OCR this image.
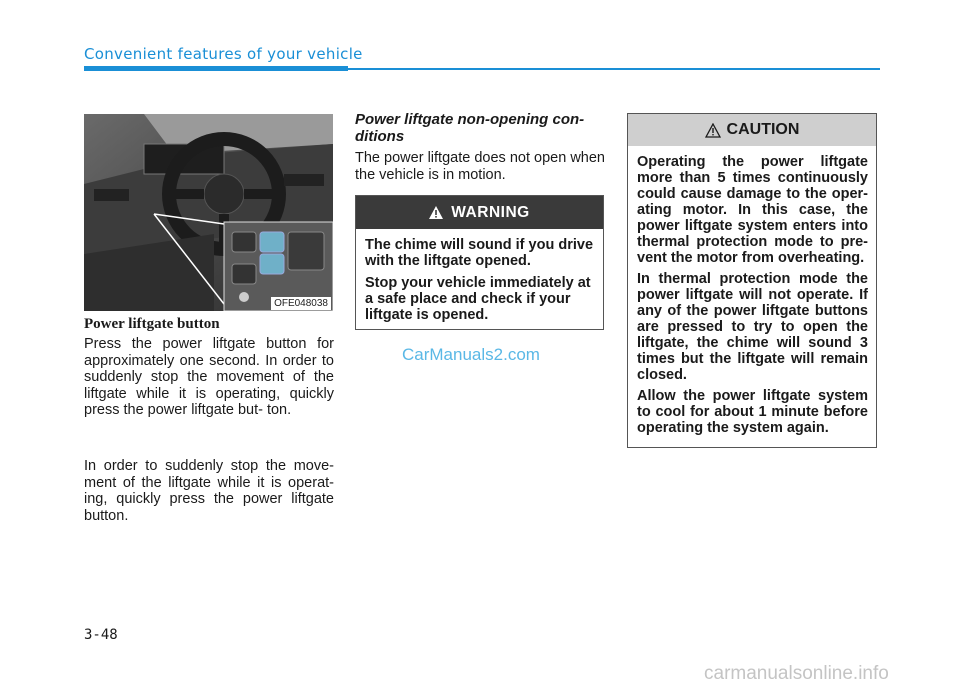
Convenient features of your vehicle
OFE048038
Power liftgate button
Press the power liftgate button for approximately one second. In order to suddenly stop the movement of the liftgate while it is operating, quickly press the power liftgate but- ton.
In order to suddenly stop the move- ment of the liftgate while it is operat- ing, quickly press the power liftgate button.
Power liftgate non-opening con- ditions
The power liftgate does not open when the vehicle is in motion.
WARNING

The chime will sound if you drive with the liftgate opened.

Stop your vehicle immediately at a safe place and check if your liftgate is opened.

CAUTION

Operating the power liftgate more than 5 times continuously could cause damage to the oper- ating motor. In this case, the power liftgate system enters into thermal protection mode to pre- vent the motor from overheating.

In thermal protection mode the power liftgate will not operate. If any of the power liftgate buttons are pressed to try to open the liftgate, the chime will sound 3 times but the liftgate will remain closed.

Allow the power liftgate system to cool for about 1 minute before operating the system again.

CarManuals2.com
3-48
carmanualsonline.info
